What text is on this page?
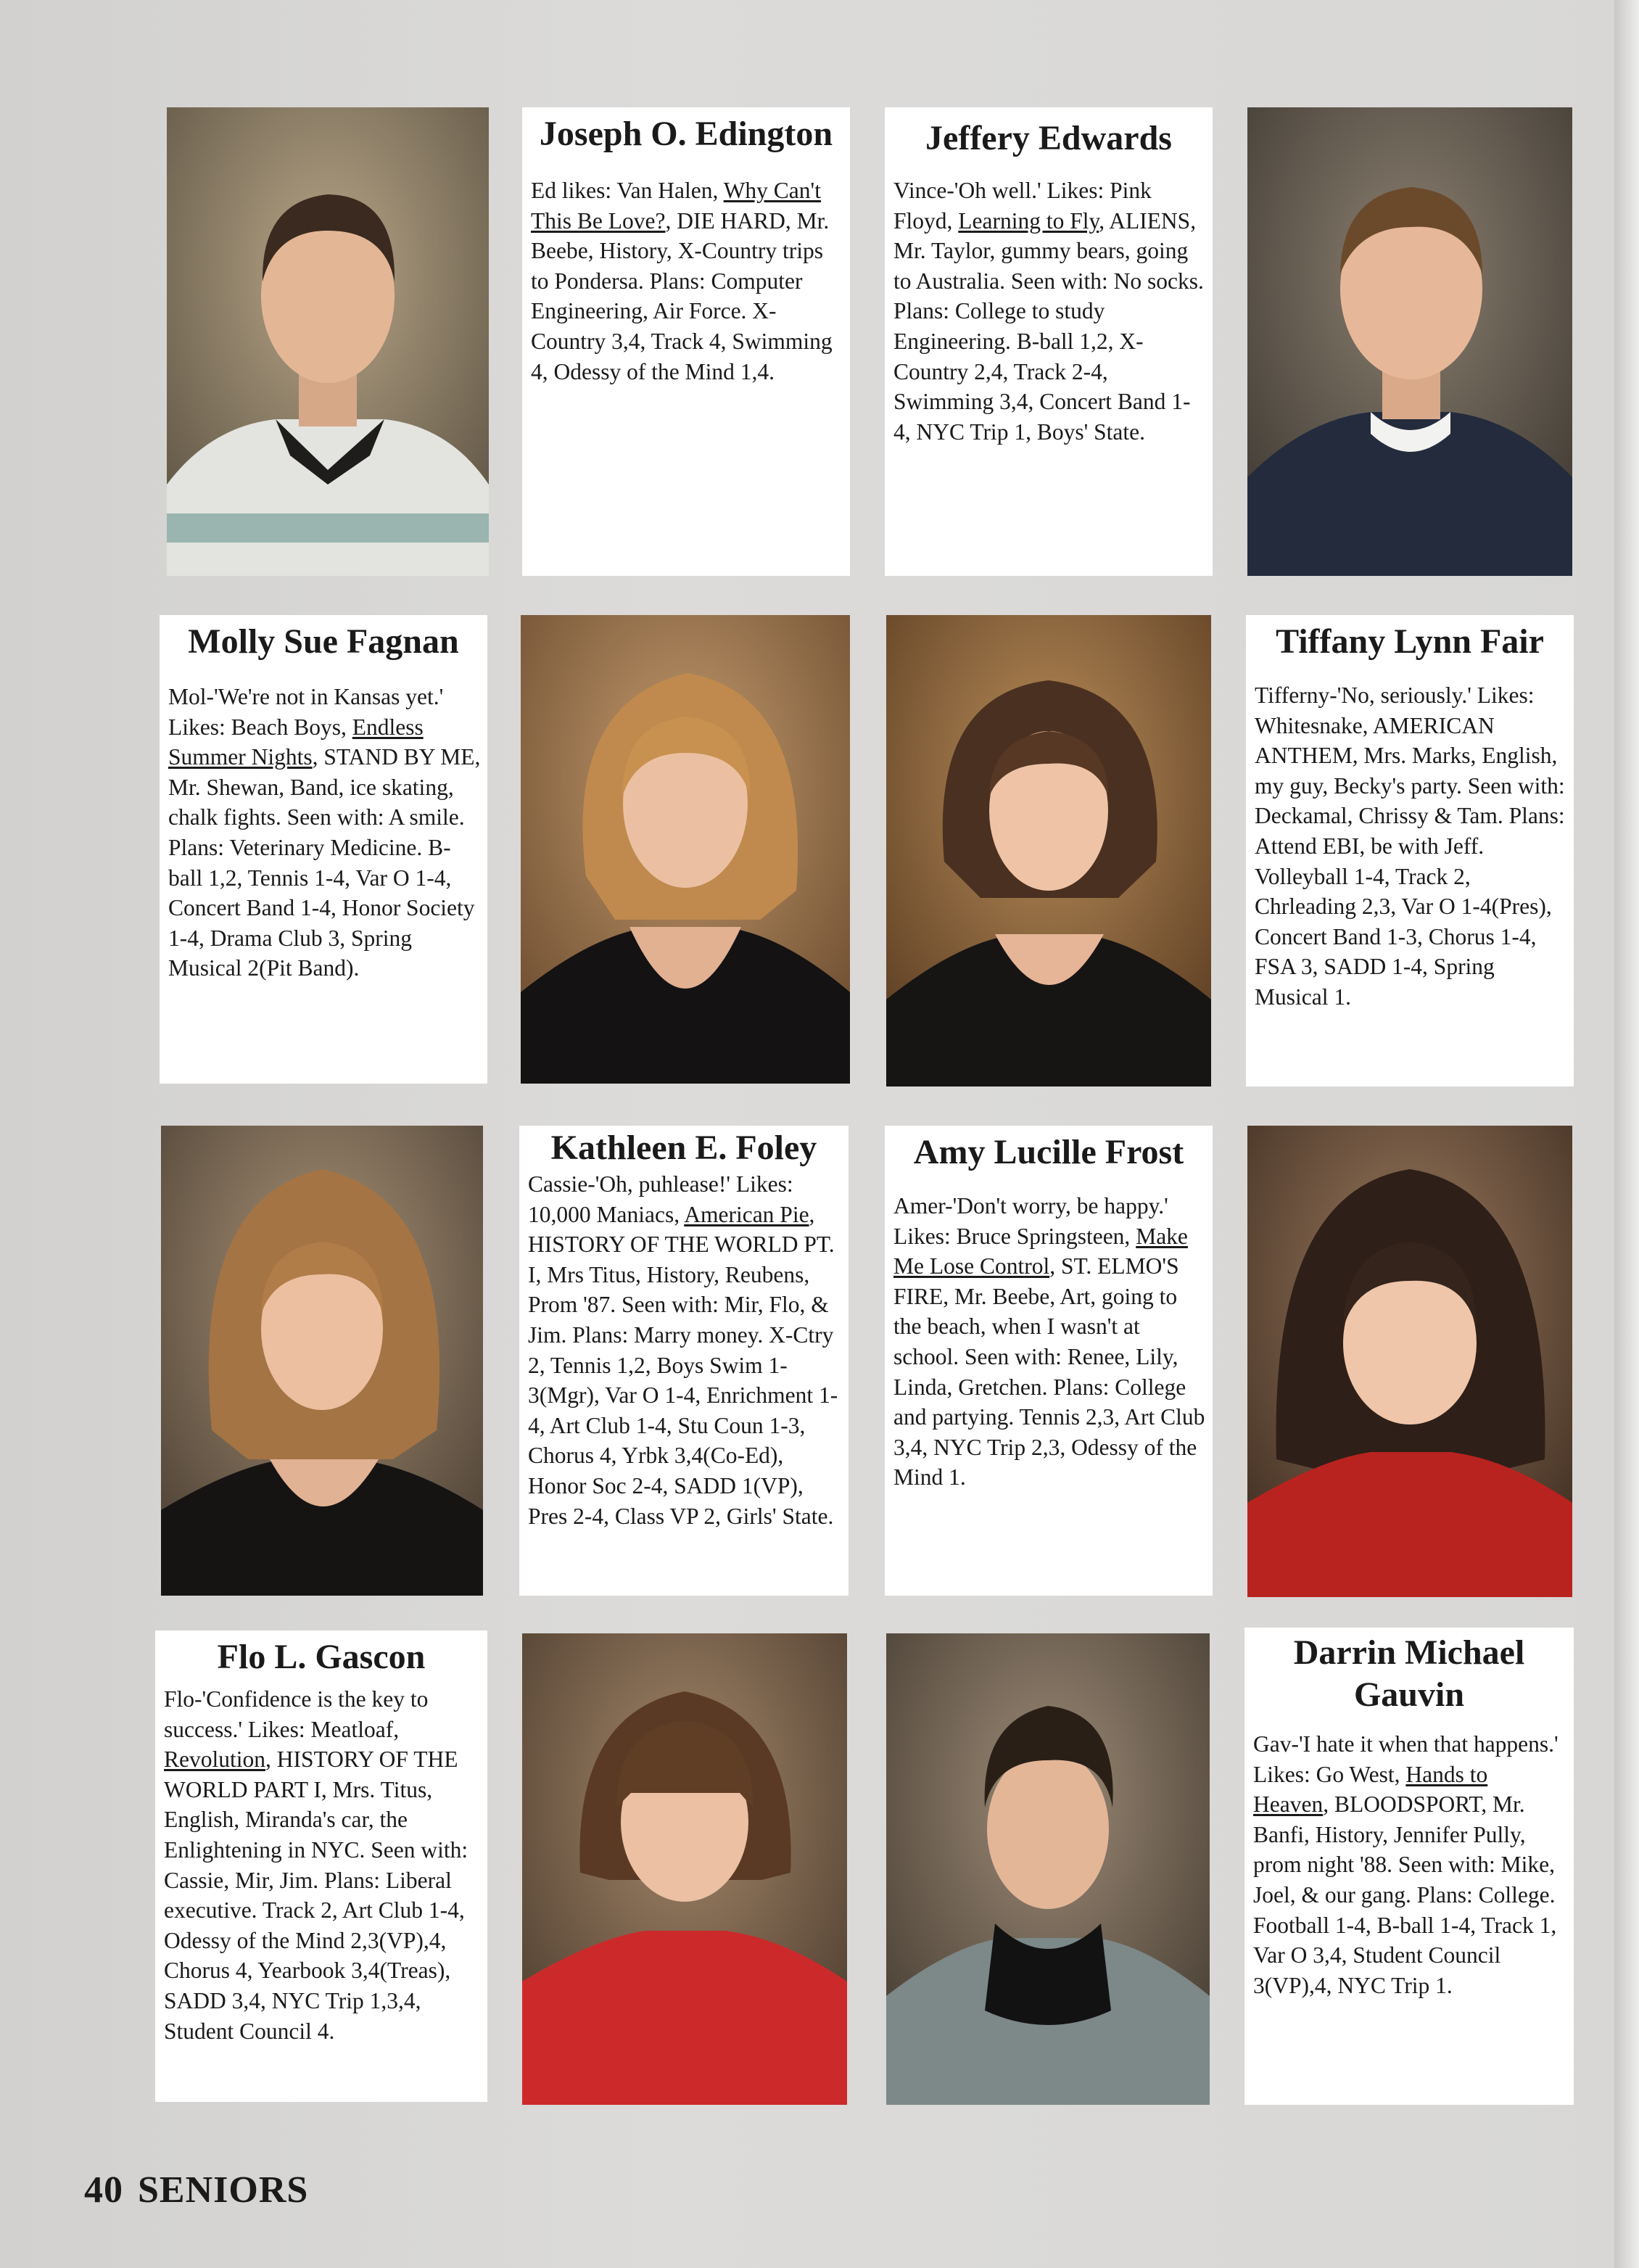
Joseph O. Edington

Ed likes: Van Halen, Why Can't This Be Love?, DIE HARD, Mr. Beebe, History, X-Country trips to Pondersa. Plans: Computer Engineering, Air Force. X-Country 3,4, Track 4, Swimming 4, Odessy of the Mind 1,4.

Jeffery Edwards

Vince-'Oh well.' Likes: Pink Floyd, Learning to Fly, ALIENS, Mr. Taylor, gummy bears, going to Australia. Seen with: No socks. Plans: College to study Engineering. B-ball 1,2, X-Country 2,4, Track 2-4, Swimming 3,4, Concert Band 1-4, NYC Trip 1, Boys' State.

Molly Sue Fagnan

Mol-'We're not in Kansas yet.' Likes: Beach Boys, Endless Summer Nights, STAND BY ME, Mr. Shewan, Band, ice skating, chalk fights. Seen with: A smile. Plans: Veterinary Medicine. B-ball 1,2, Tennis 1-4, Var O 1-4, Concert Band 1-4, Honor Society 1-4, Drama Club 3, Spring Musical 2(Pit Band).

Tiffany Lynn Fair

Tifferny-'No, seriously.' Likes: Whitesnake, AMERICAN ANTHEM, Mrs. Marks, English, my guy, Becky's party. Seen with: Deckamal, Chrissy & Tam. Plans: Attend EBI, be with Jeff. Volleyball 1-4, Track 2, Chrleading 2,3, Var O 1-4(Pres), Concert Band 1-3, Chorus 1-4, FSA 3, SADD 1-4, Spring Musical 1.

Kathleen E. Foley

Cassie-'Oh, puhlease!' Likes: 10,000 Maniacs, American Pie, HISTORY OF THE WORLD PT. I, Mrs Titus, History, Reubens, Prom '87. Seen with: Mir, Flo, & Jim. Plans: Marry money. X-Ctry 2, Tennis 1,2, Boys Swim 1-3(Mgr), Var O 1-4, Enrichment 1-4, Art Club 1-4, Stu Coun 1-3, Chorus 4, Yrbk 3,4(Co-Ed), Honor Soc 2-4, SADD 1(VP), Pres 2-4, Class VP 2, Girls' State.

Amy Lucille Frost

Amer-'Don't worry, be happy.' Likes: Bruce Springsteen, Make Me Lose Control, ST. ELMO'S FIRE, Mr. Beebe, Art, going to the beach, when I wasn't at school. Seen with: Renee, Lily, Linda, Gretchen. Plans: College and partying. Tennis 2,3, Art Club 3,4, NYC Trip 2,3, Odessy of the Mind 1.

Flo L. Gascon

Flo-'Confidence is the key to success.' Likes: Meatloaf, Revolution, HISTORY OF THE WORLD PART I, Mrs. Titus, English, Miranda's car, the Enlightening in NYC. Seen with: Cassie, Mir, Jim. Plans: Liberal executive. Track 2, Art Club 1-4, Odessy of the Mind 2,3(VP),4, Chorus 4, Yearbook 3,4(Treas), SADD 3,4, NYC Trip 1,3,4, Student Council 4.

Darrin Michael Gauvin

Gav-'I hate it when that happens.' Likes: Go West, Hands to Heaven, BLOODSPORT, Mr. Banfi, History, Jennifer Pully, prom night '88. Seen with: Mike, Joel, & our gang. Plans: College. Football 1-4, B-ball 1-4, Track 1, Var O 3,4, Student Council 3(VP),4, NYC Trip 1.

40 SENIORS
